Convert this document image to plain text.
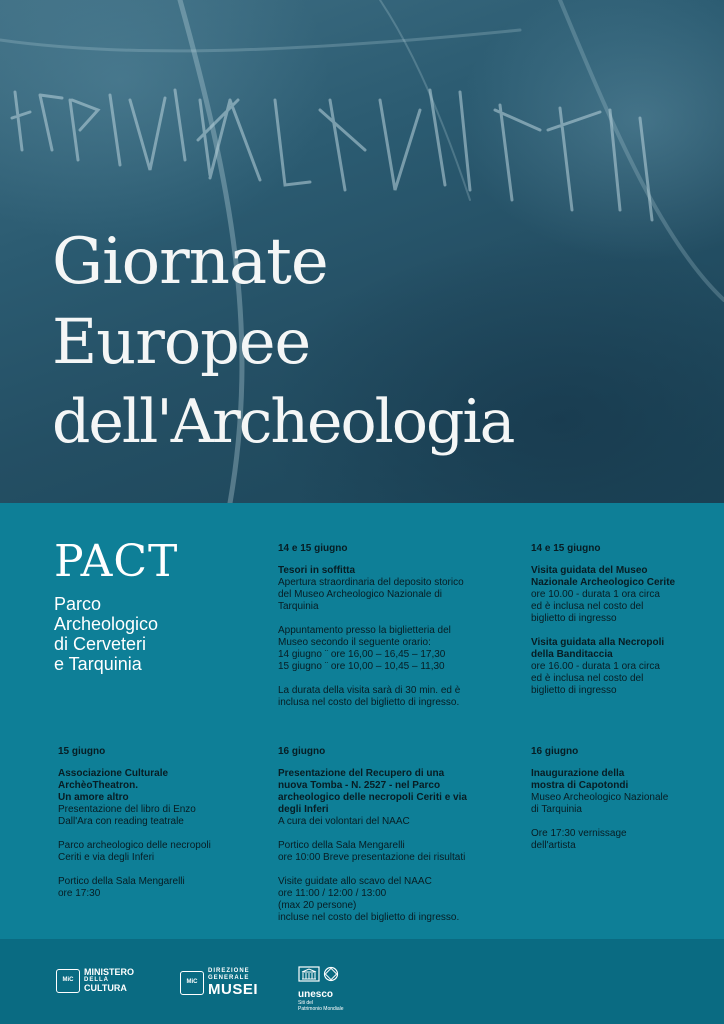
Giornate
Europee
dell'Archeologia
PACT
Parco
Archeologico
di Cerveteri
e Tarquinia
14 e 15 giugno
Tesori in soffitta
Apertura straordinaria del deposito storico
del Museo Archeologico Nazionale di
Tarquinia
Appuntamento presso la biglietteria del
Museo secondo il seguente orario:
14 giugno ¨ ore 16,00 – 16,45 – 17,30
15 giugno ¨ ore 10,00 – 10,45 – 11,30
La durata della visita sarà di 30 min. ed è
inclusa nel costo del biglietto di ingresso.
14 e 15 giugno
Visita guidata del Museo
Nazionale Archeologico Cerite
ore 10.00 - durata 1 ora circa
ed è inclusa nel costo del
biglietto di ingresso
Visita guidata alla Necropoli
della Banditaccia
ore 16.00 - durata 1 ora circa
ed è inclusa nel costo del
biglietto di ingresso
15 giugno
Associazione Culturale
ArchèoTheatron.
Un amore altro
Presentazione del libro di Enzo
Dall'Ara con reading teatrale
Parco archeologico delle necropoli
Ceriti e via degli Inferi
Portico della Sala Mengarelli
ore 17:30
16 giugno
Presentazione del Recupero di una
nuova Tomba - N. 2527 - nel Parco
archeologico delle necropoli Ceriti e via
degli Inferi
A cura dei volontari del NAAC
Portico della Sala Mengarelli
ore 10:00 Breve presentazione dei risultati
Visite guidate allo scavo del NAAC
ore 11:00 / 12:00 / 13:00
(max 20 persone)
incluse nel costo del biglietto di ingresso.
16 giugno
Inaugurazione della
mostra di Capotondi
Museo Archeologico Nazionale
di Tarquinia
Ore 17:30 vernissage
dell'artista
MiC
MINISTERO
DELLA
CULTURA
MiC
DIREZIONE
GENERALE
MUSEI	unesco
Siti del
Patrimonio Mondiale
